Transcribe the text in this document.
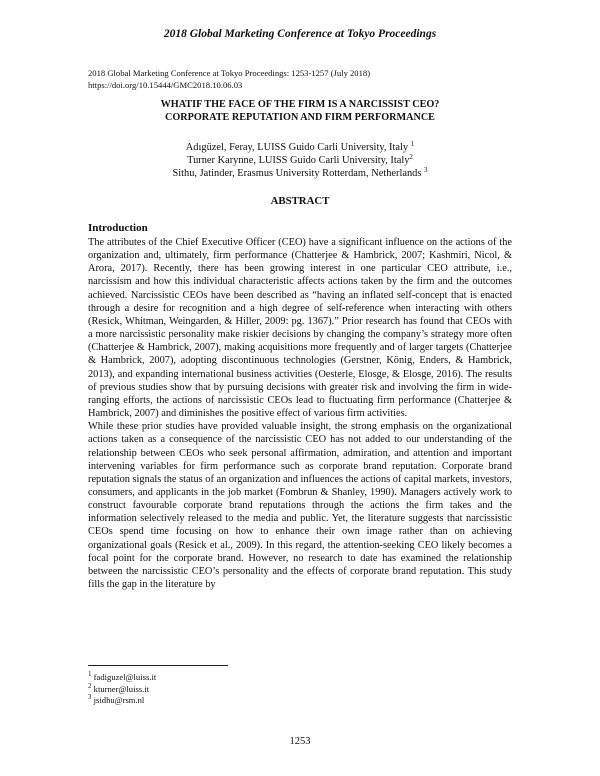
2018 Global Marketing Conference at Tokyo Proceedings
2018 Global Marketing Conference at Tokyo Proceedings: 1253-1257 (July 2018)
https://doi.org/10.15444/GMC2018.10.06.03
WHATIF THE FACE OF THE FIRM IS A NARCISSIST CEO?
CORPORATE REPUTATION AND FIRM PERFORMANCE
Adıgüzel, Feray, LUISS Guido Carli University, Italy $^1$
Turner Karynne, LUISS Guido Carli University, Italy$^2$
Sithu, Jatinder, Erasmus University Rotterdam, Netherlands $^3$
ABSTRACT
Introduction

The attributes of the Chief Executive Officer (CEO) have a significant influence on the actions of the organization and, ultimately, firm performance (Chatterjee & Hambrick, 2007; Kashmiri, Nicol, & Arora, 2017). Recently, there has been growing interest in one particular CEO attribute, i.e., narcissism and how this individual characteristic affects actions taken by the firm and the outcomes achieved. Narcissistic CEOs have been described as “having an inflated self-concept that is enacted through a desire for recognition and a high degree of self-reference when interacting with others (Resick, Whitman, Weingarden, & Hiller, 2009: pg. 1367).” Prior research has found that CEOs with a more narcissistic personality make riskier decisions by changing the company’s strategy more often (Chatterjee & Hambrick, 2007), making acquisitions more frequently and of larger targets (Chatterjee & Hambrick, 2007), adopting discontinuous technologies (Gerstner, König, Enders, & Hambrick, 2013), and expanding international business activities (Oesterle, Elosge, & Elosge, 2016). The results of previous studies show that by pursuing decisions with greater risk and involving the firm in wide-ranging efforts, the actions of narcissistic CEOs lead to fluctuating firm performance (Chatterjee & Hambrick, 2007) and diminishes the positive effect of various firm activities.

While these prior studies have provided valuable insight, the strong emphasis on the organizational actions taken as a consequence of the narcissistic CEO has not added to our understanding of the relationship between CEOs who seek personal affirmation, admiration, and attention and important intervening variables for firm performance such as corporate brand reputation. Corporate brand reputation signals the status of an organization and influences the actions of capital markets, investors, consumers, and applicants in the job market (Fombrun & Shanley, 1990). Managers actively work to construct favourable corporate brand reputations through the actions the firm takes and the information selectively released to the media and public. Yet, the literature suggests that narcissistic CEOs spend time focusing on how to enhance their own image rather than on achieving organizational goals (Resick et al., 2009). In this regard, the attention-seeking CEO likely becomes a focal point for the corporate brand. However, no research to date has examined the relationship between the narcissistic CEO’s personality and the effects of corporate brand reputation. This study fills the gap in the literature by

$^1$ fadiguzel@luiss.it
$^2$ kturner@luiss.it
$^3$ jsidhu@rsm.nl
1253
